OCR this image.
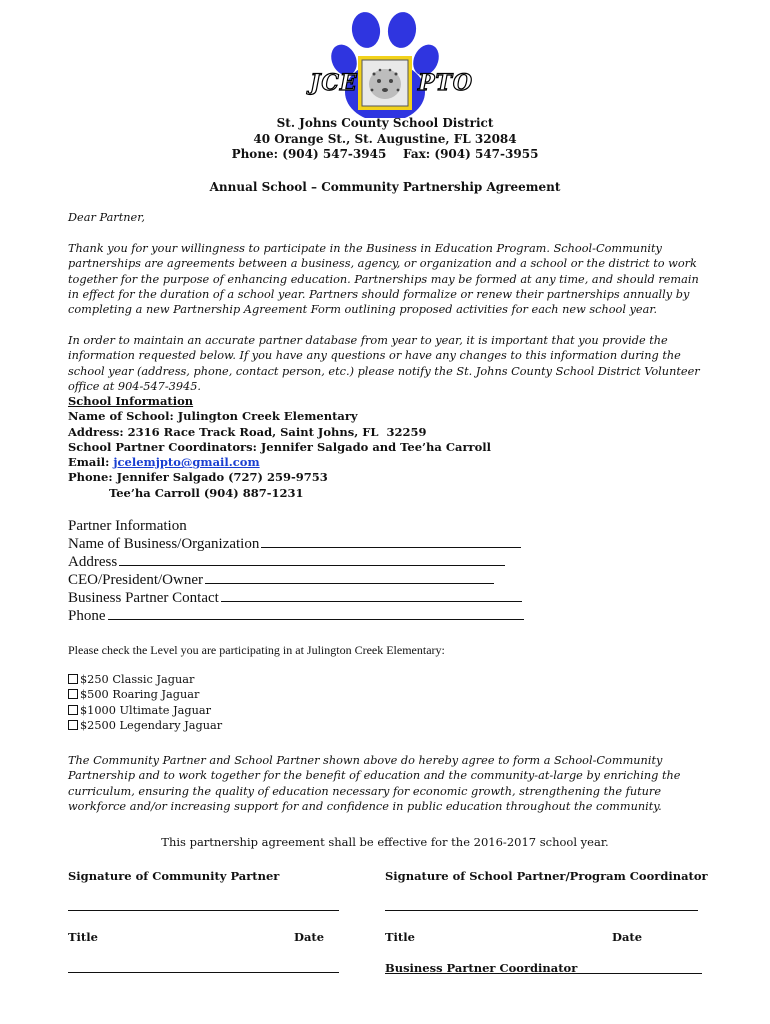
JCE	PTO
St. Johns County School District
40 Orange St., St. Augustine, FL 32084
Phone: (904) 547-3945    Fax: (904) 547-3955
Annual School – Community Partnership Agreement
Dear Partner,

Thank you for your willingness to participate in the Business in Education Program. School-Community partnerships are agreements between a business, agency, or organization and a school or the district to work together for the purpose of enhancing education. Partnerships may be formed at any time, and should remain in effect for the duration of a school year. Partners should formalize or renew their partnerships annually by completing a new Partnership Agreement Form outlining proposed activities for each new school year.

In order to maintain an accurate partner database from year to year, it is important that you provide the information requested below. If you have any questions or have any changes to this information during the school year (address, phone, contact person, etc.) please notify the St. Johns County School District Volunteer office at 904-547-3945.

School Information
Name of School: Julington Creek Elementary
Address: 2316 Race Track Road, Saint Johns, FL  32259
School Partner Coordinators: Jennifer Salgado and Tee’ha Carroll
Email: jcelemjpto@gmail.com
Phone: Jennifer Salgado (727) 259-9753
Tee’ha Carroll (904) 887-1231
Partner Information
Name of Business/Organization
Address
CEO/President/Owner
Business Partner Contact
Phone
Please check the Level you are participating in at Julington Creek Elementary:
$250 Classic Jaguar
$500 Roaring Jaguar
$1000 Ultimate Jaguar
$2500 Legendary Jaguar

The Community Partner and School Partner shown above do hereby agree to form a School-Community Partnership and to work together for the benefit of education and the community-at-large by enriching the curriculum, ensuring the quality of education necessary for economic growth, strengthening the future workforce and/or increasing support for and confidence in public education throughout the community.

This partnership agreement shall be effective for the 2016-2017 school year.
Signature of Community Partner	Signature of School Partner/Program Coordinator
Title	Date	Title	Date
Business Partner Coordinator
